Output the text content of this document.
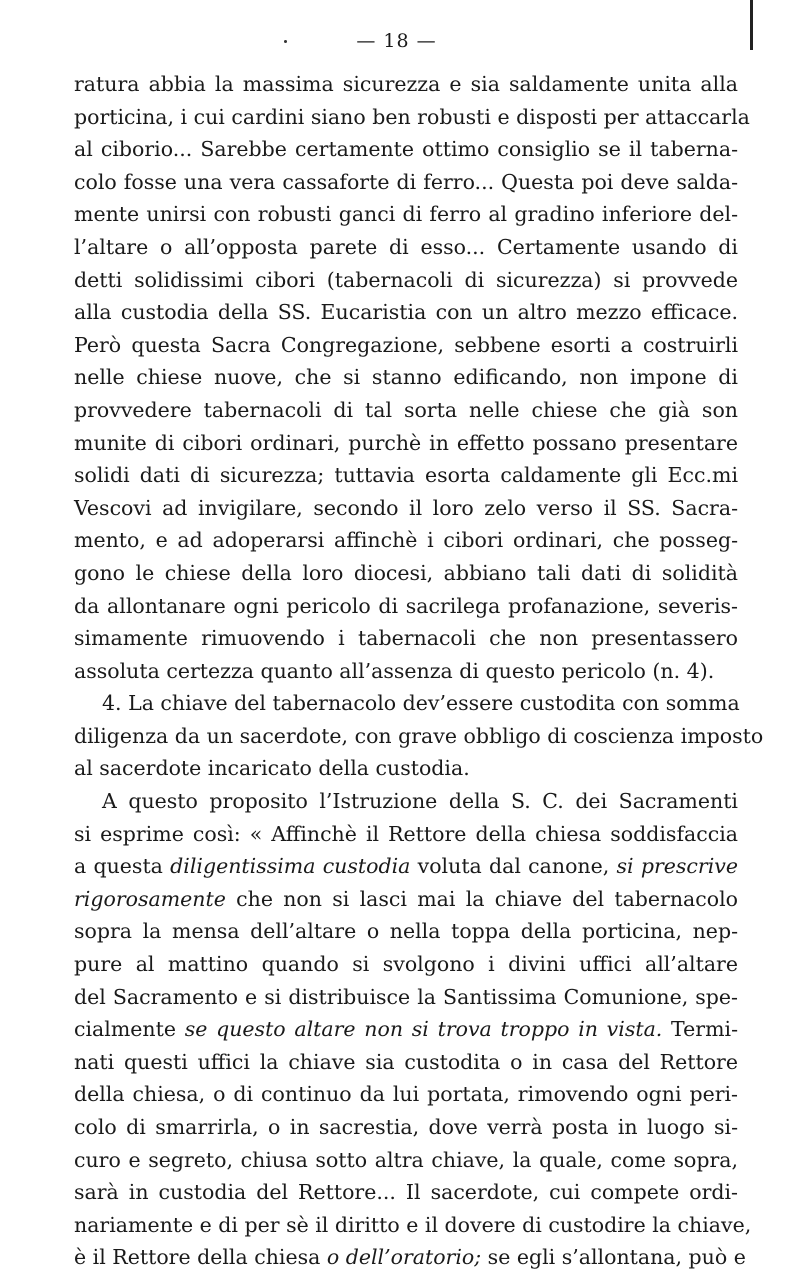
— 18 —
ratura abbia la massima sicurezza e sia saldamente unita alla
porticina, i cui cardini siano ben robusti e disposti per attaccarla
al ciborio... Sarebbe certamente ottimo consiglio se il taberna-
colo fosse una vera cassaforte di ferro... Questa poi deve salda-
mente unirsi con robusti ganci di ferro al gradino inferiore del-
l’altare o all’opposta parete di esso... Certamente usando di
detti solidissimi cibori (tabernacoli di sicurezza) si provvede
alla custodia della SS. Eucaristia con un altro mezzo efficace.
Però questa Sacra Congregazione, sebbene esorti a costruirli
nelle chiese nuove, che si stanno edificando, non impone di
provvedere tabernacoli di tal sorta nelle chiese che già son
munite di cibori ordinari, purchè in effetto possano presentare
solidi dati di sicurezza; tuttavia esorta caldamente gli Ecc.mi
Vescovi ad invigilare, secondo il loro zelo verso il SS. Sacra-
mento, e ad adoperarsi affinchè i cibori ordinari, che posseg-
gono le chiese della loro diocesi, abbiano tali dati di solidità
da allontanare ogni pericolo di sacrilega profanazione, severis-
simamente rimuovendo i tabernacoli che non presentassero
assoluta certezza quanto all’assenza di questo pericolo (n. 4).
4. La chiave del tabernacolo dev’essere custodita con somma
diligenza da un sacerdote, con grave obbligo di coscienza imposto
al sacerdote incaricato della custodia.
A questo proposito l’Istruzione della S. C. dei Sacramenti
si esprime così: « Affinchè il Rettore della chiesa soddisfaccia
a questa diligentissima custodia voluta dal canone, si prescrive
rigorosamente che non si lasci mai la chiave del tabernacolo
sopra la mensa dell’altare o nella toppa della porticina, nep-
pure al mattino quando si svolgono i divini uffici all’altare
del Sacramento e si distribuisce la Santissima Comunione, spe-
cialmente se questo altare non si trova troppo in vista. Termi-
nati questi uffici la chiave sia custodita o in casa del Rettore
della chiesa, o di continuo da lui portata, rimovendo ogni peri-
colo di smarrirla, o in sacrestia, dove verrà posta in luogo si-
curo e segreto, chiusa sotto altra chiave, la quale, come sopra,
sarà in custodia del Rettore... Il sacerdote, cui compete ordi-
nariamente e di per sè il diritto e il dovere di custodire la chiave,
è il Rettore della chiesa o dell’oratorio; se egli s’allontana, può e
